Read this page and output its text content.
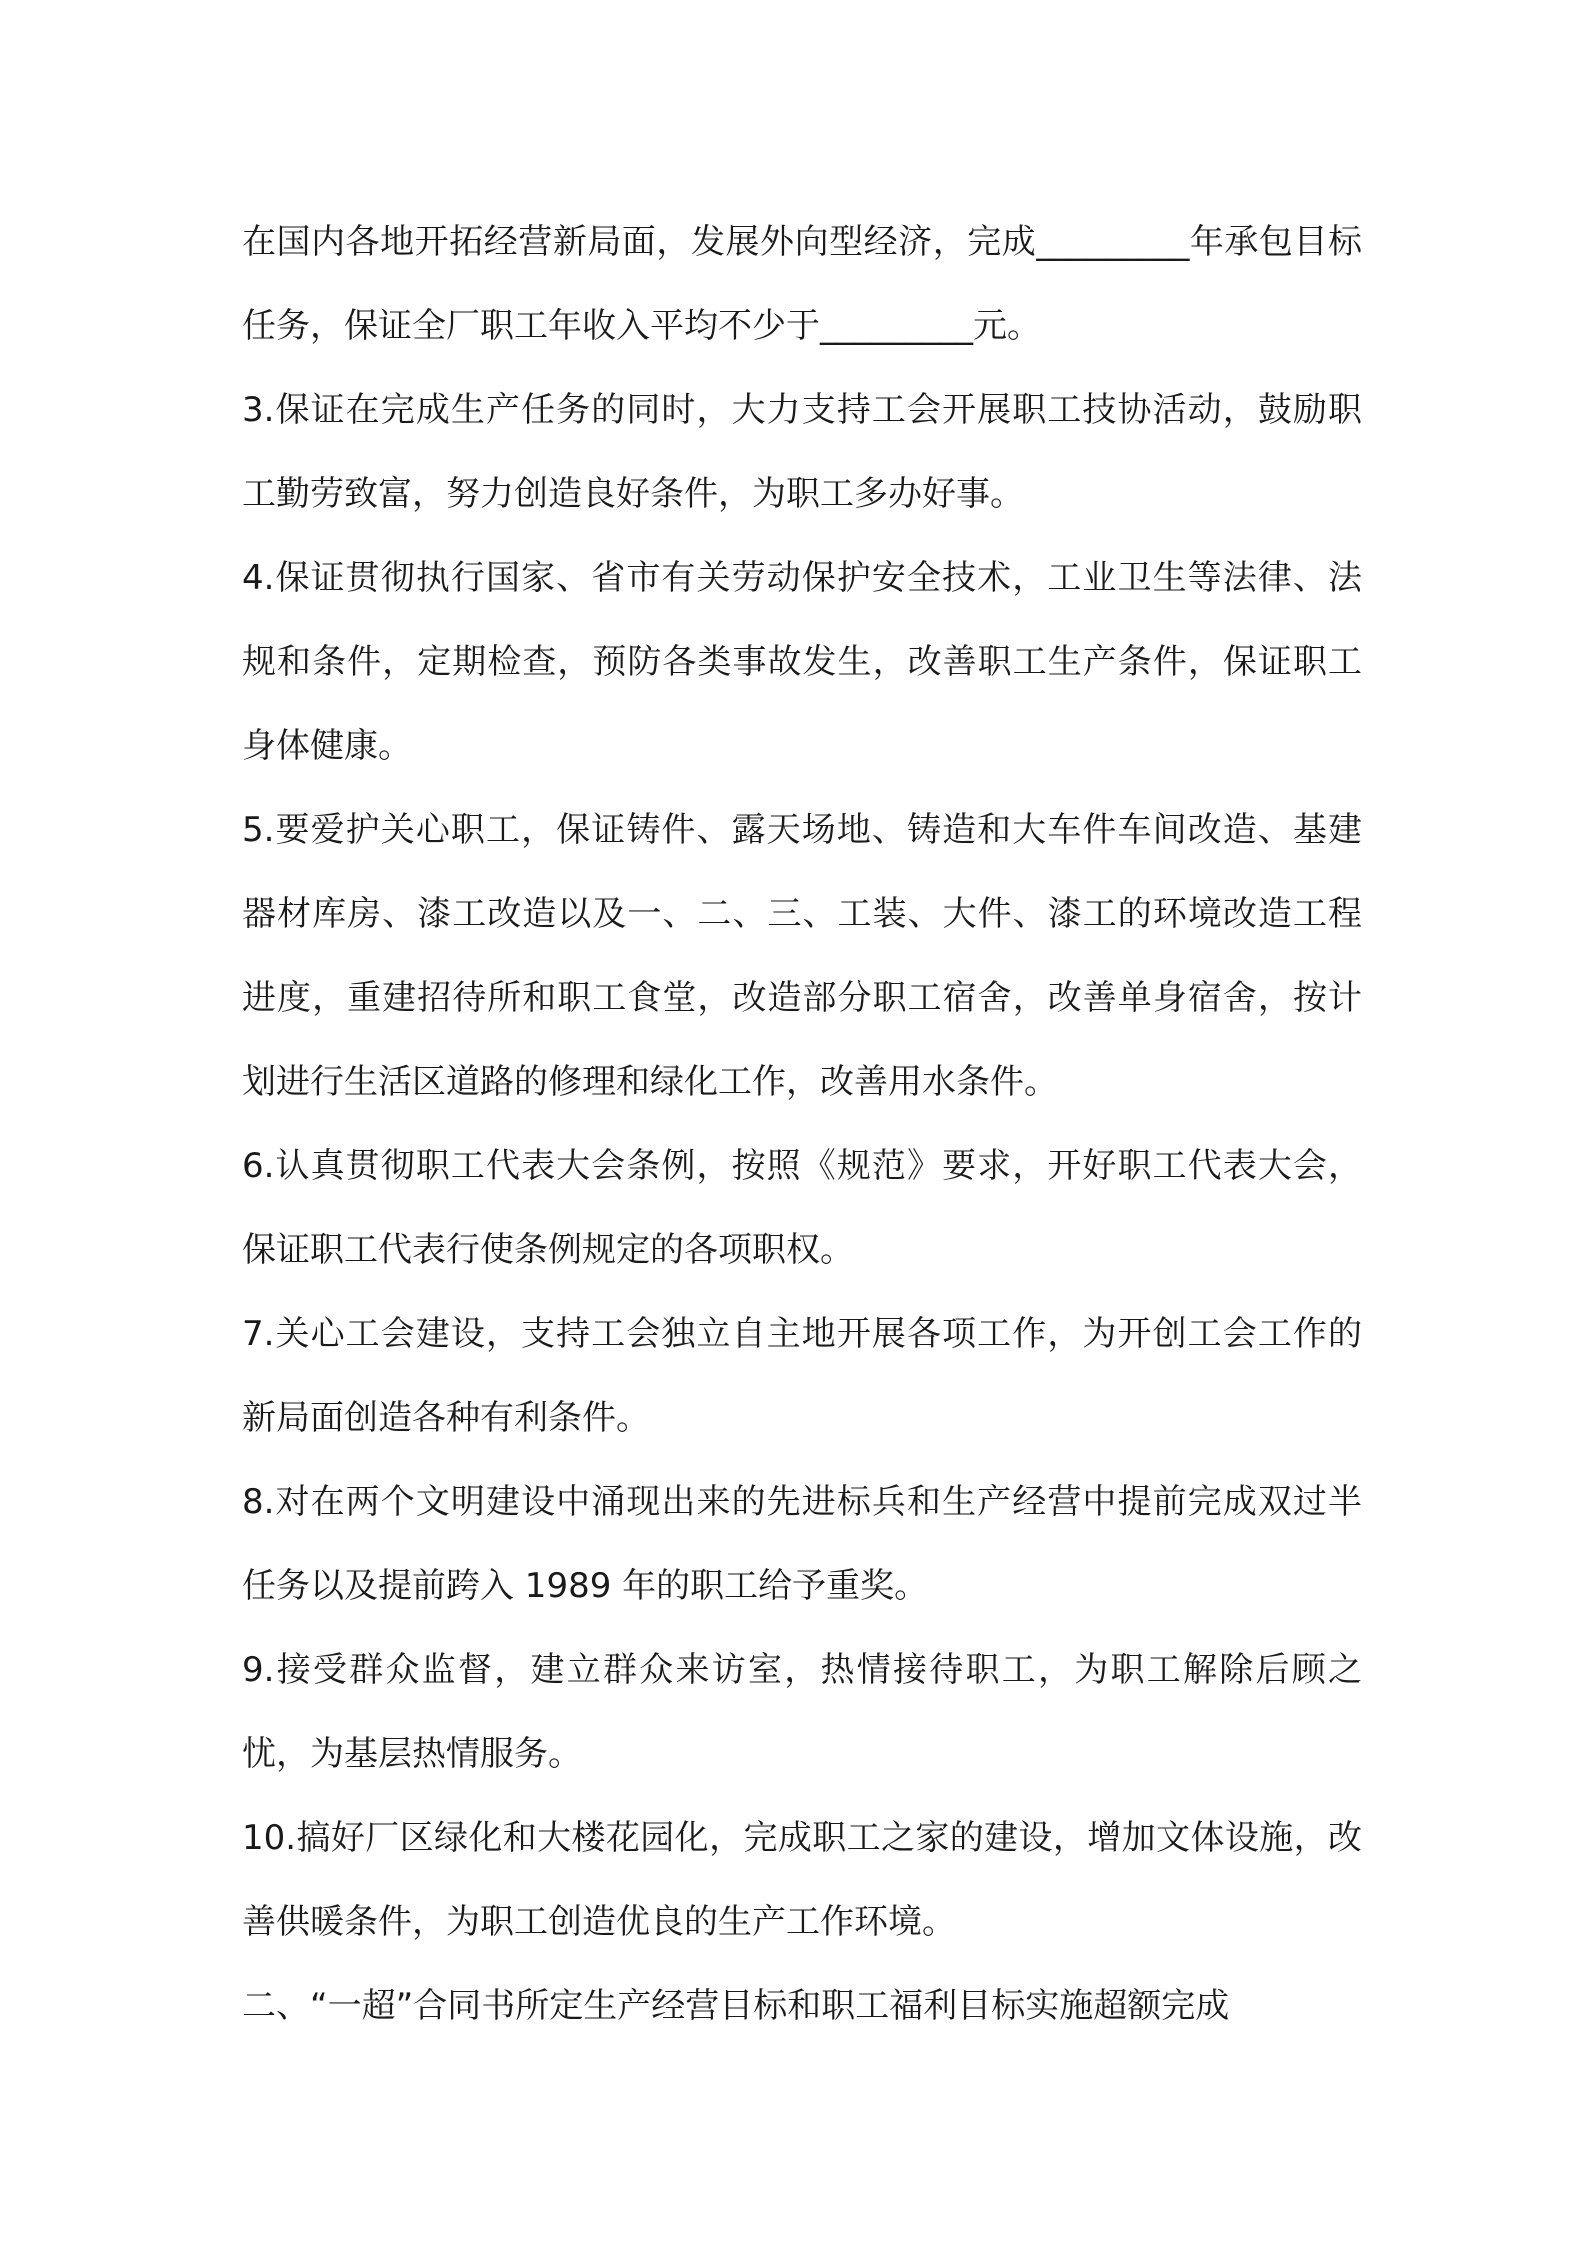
在国内各地开拓经营新局面，发展外向型经济，完成_________年承包目标任务，保证全厂职工年收入平均不少于_________元。

3.保证在完成生产任务的同时，大力支持工会开展职工技协活动，鼓励职工勤劳致富，努力创造良好条件，为职工多办好事。

4.保证贯彻执行国家、省市有关劳动保护安全技术，工业卫生等法律、法规和条件，定期检查，预防各类事故发生，改善职工生产条件，保证职工身体健康。

5.要爱护关心职工，保证铸件、露天场地、铸造和大车件车间改造、基建器材库房、漆工改造以及一、二、三、工装、大件、漆工的环境改造工程进度，重建招待所和职工食堂，改造部分职工宿舍，改善单身宿舍，按计划进行生活区道路的修理和绿化工作，改善用水条件。

6.认真贯彻职工代表大会条例，按照《规范》要求，开好职工代表大会，保证职工代表行使条例规定的各项职权。

7.关心工会建设，支持工会独立自主地开展各项工作，为开创工会工作的新局面创造各种有利条件。

8.对在两个文明建设中涌现出来的先进标兵和生产经营中提前完成双过半任务以及提前跨入 1989 年的职工给予重奖。

9.接受群众监督，建立群众来访室，热情接待职工，为职工解除后顾之忧，为基层热情服务。

10.搞好厂区绿化和大楼花园化，完成职工之家的建设，增加文体设施，改善供暖条件，为职工创造优良的生产工作环境。

二、“一超”合同书所定生产经营目标和职工福利目标实施超额完成
